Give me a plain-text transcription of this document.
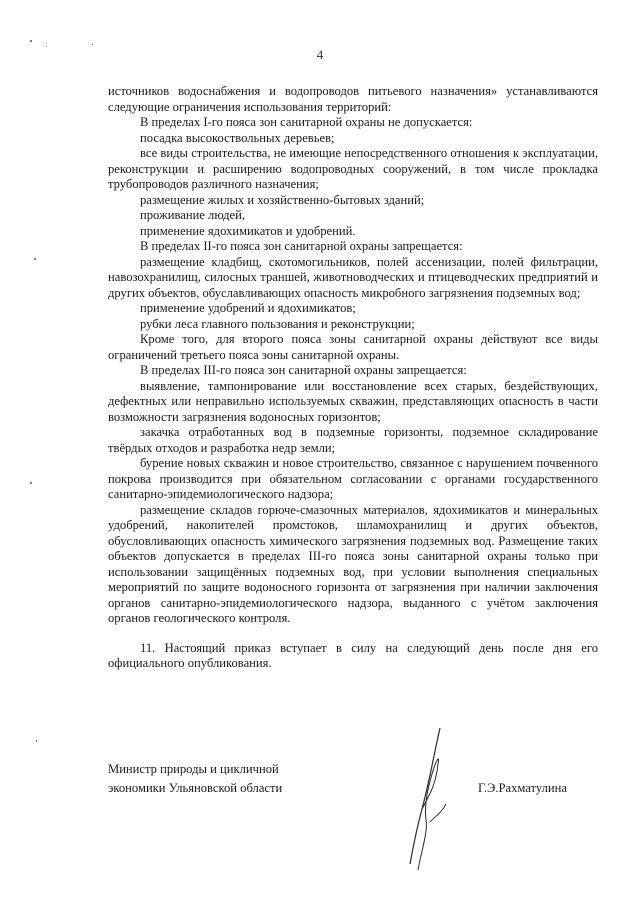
4

источников водоснабжения и водопроводов питьевого назначения» устанавливаются следующие ограничения использования территорий:

В пределах I-го пояса зон санитарной охраны не допускается:

посадка высокоствольных деревьев;

все виды строительства, не имеющие непосредственного отношения к эксплуатации, реконструкции и расширению водопроводных сооружений, в том числе прокладка трубопроводов различного назначения;

размещение жилых и хозяйственно-бытовых зданий;

проживание людей,

применение ядохимикатов и удобрений.

В пределах II-го пояса зон санитарной охраны запрещается:

размещение кладбищ, скотомогильников, полей ассенизации, полей фильтрации, навозохранилищ, силосных траншей, животноводческих и птицеводческих предприятий и других объектов, обуславливающих опасность микробного загрязнения подземных вод;

применение удобрений и ядохимикатов;

рубки леса главного пользования и реконструкции;

Кроме того, для второго пояса зоны санитарной охраны действуют все виды ограничений третьего пояса зоны санитарной охраны.

В пределах III-го пояса зон санитарной охраны запрещается:

выявление, тампонирование или восстановление всех старых, бездействующих, дефектных или неправильно используемых скважин, представляющих опасность в части возможности загрязнения водоносных горизонтов;

закачка отработанных вод в подземные горизонты, подземное складирование твёрдых отходов и разработка недр земли;

бурение новых скважин и новое строительство, связанное с нарушением почвенного покрова производится при обязательном согласовании с органами государственного санитарно-эпидемиологического надзора;

размещение складов горюче-смазочных материалов, ядохимикатов и минеральных удобрений, накопителей промстоков, шламохранилищ и других объектов, обусловливающих опасность химического загрязнения подземных вод. Размещение таких объектов допускается в пределах III-го пояса зоны санитарной охраны только при использовании защищённых подземных вод, при условии выполнения специальных мероприятий по защите водоносного горизонта от загрязнения при наличии заключения органов санитарно-эпидемиологического надзора, выданного с учётом заключения органов геологического контроля.

11. Настоящий приказ вступает в силу на следующий день после дня его официального опубликования.

Министр природы и цикличной
экономики Ульяновской области	Г.Э.Рахматулина
